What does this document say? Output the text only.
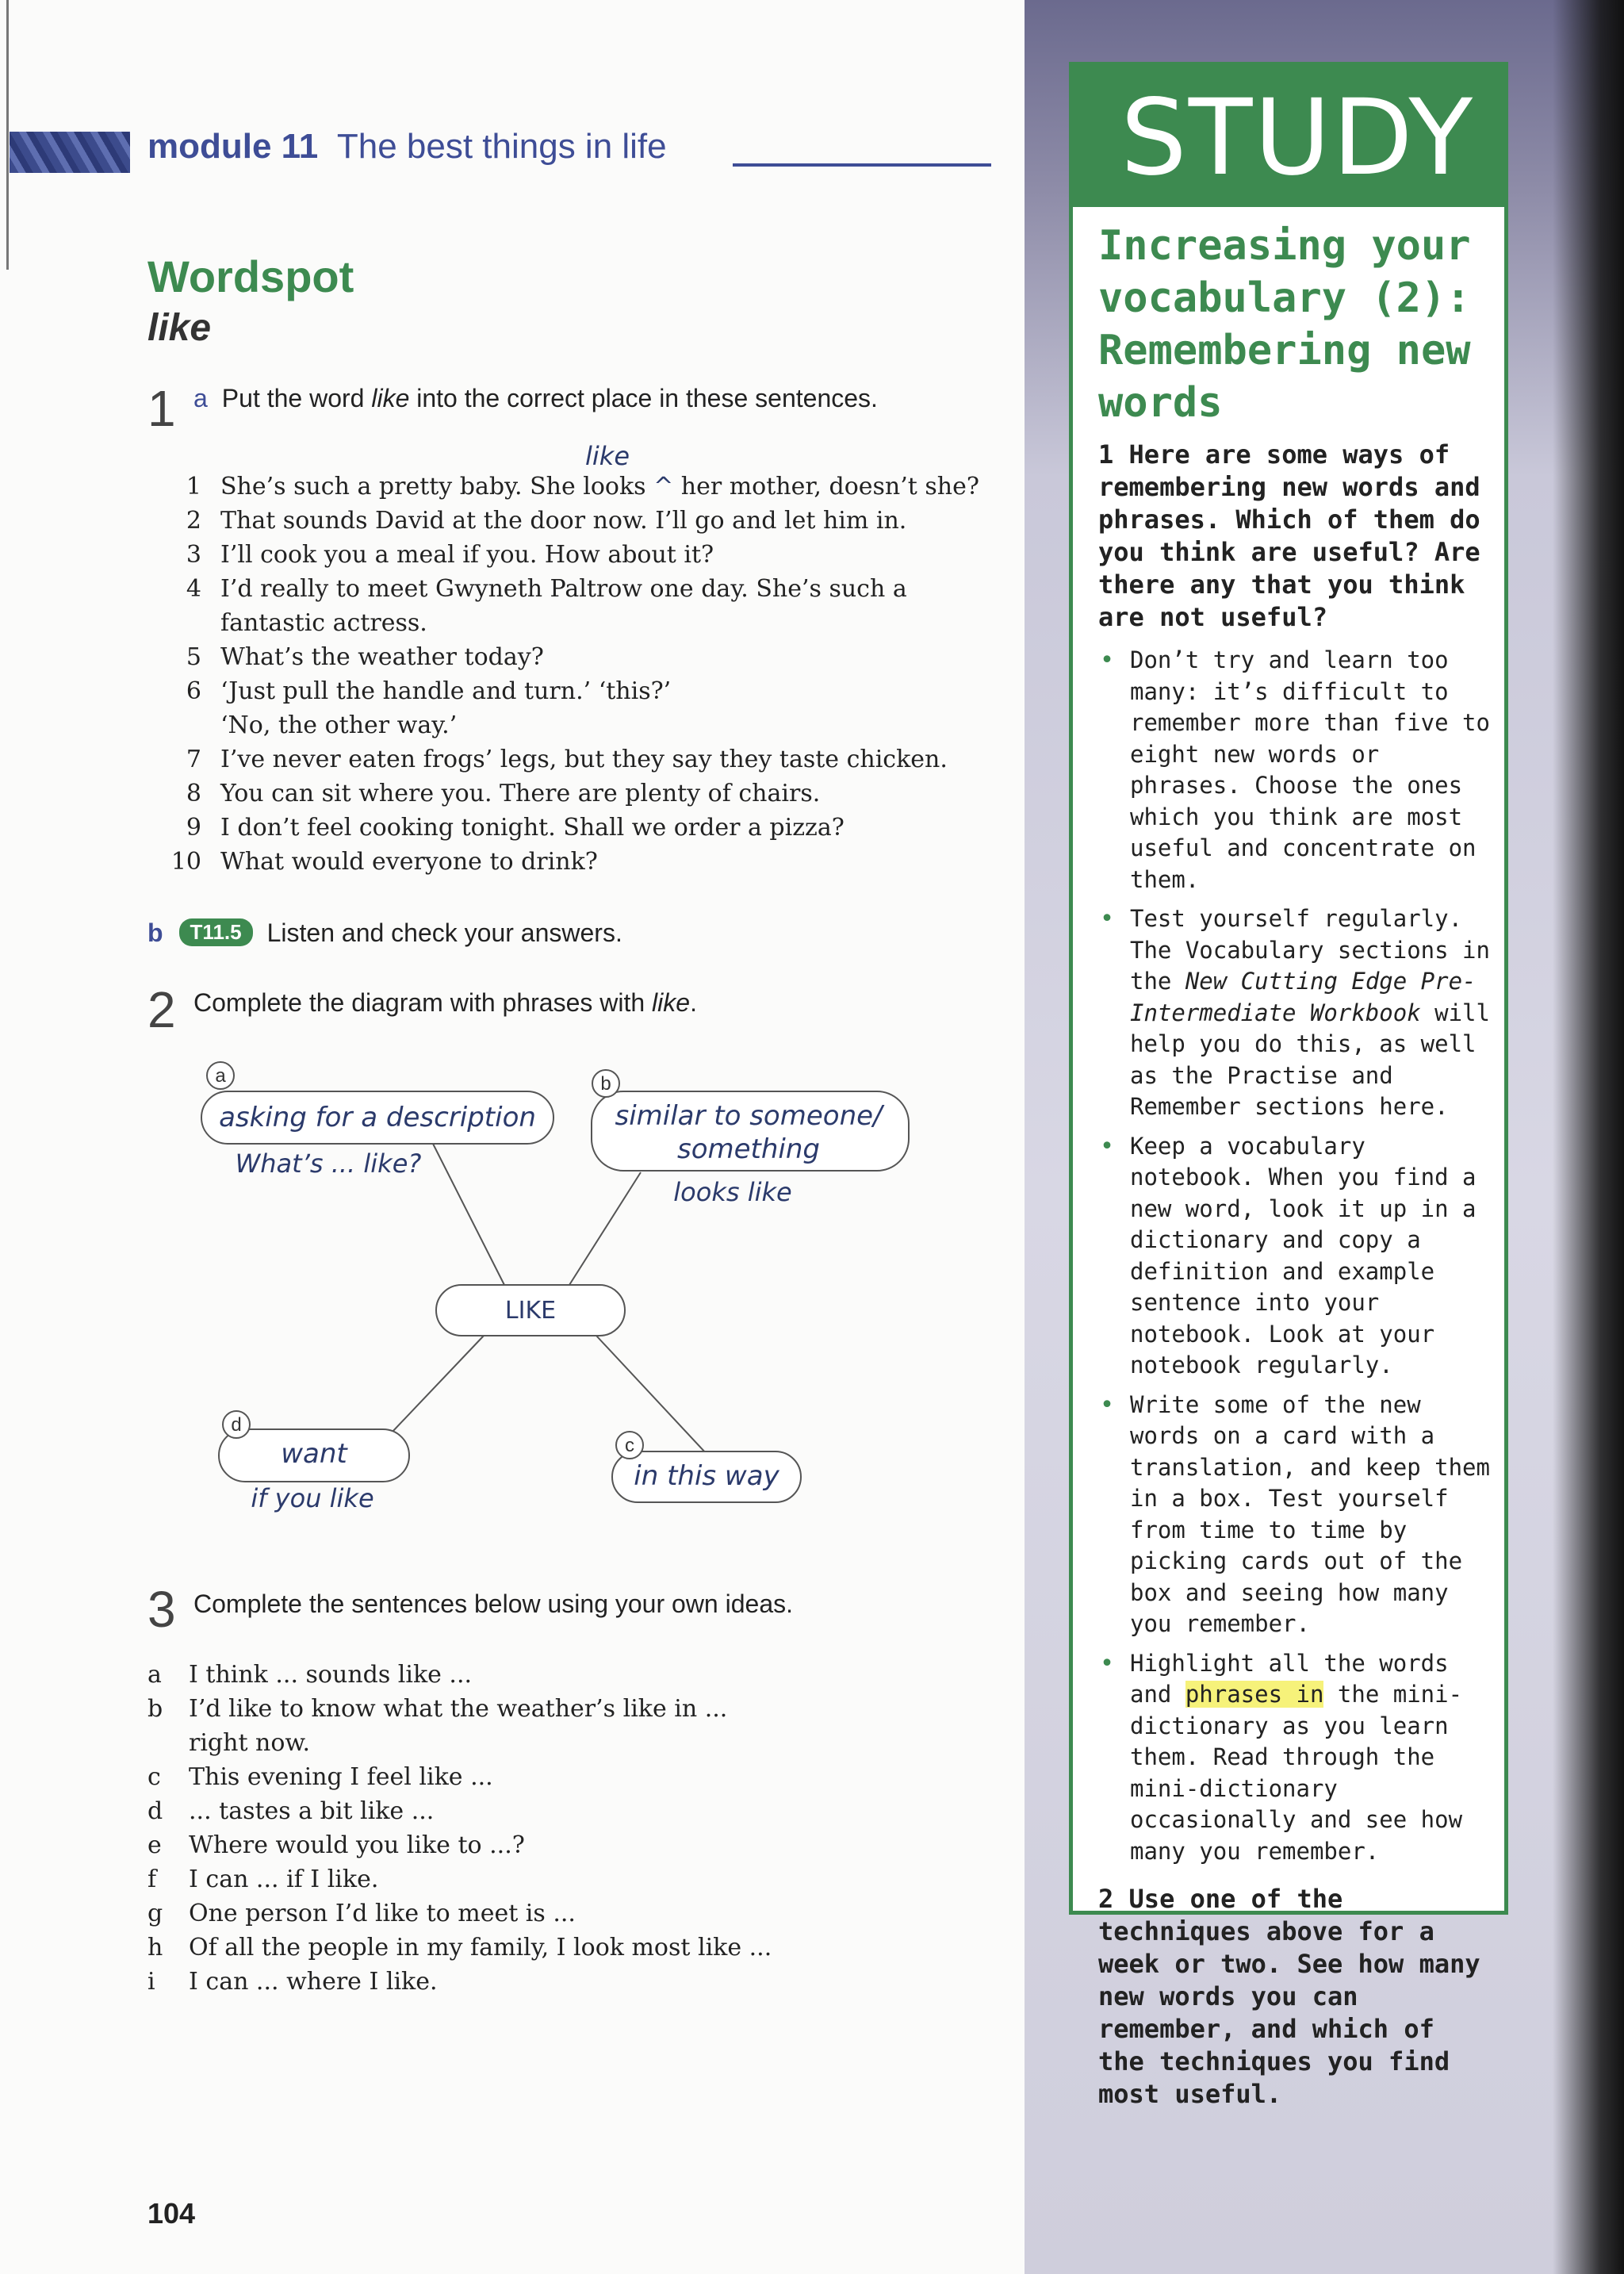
module 11 The best things in life
Wordspot
like
1 a Put the word like into the correct place in these sentences.
like
1 She’s such a pretty baby. She looks ^ her mother, doesn’t she?
2 That sounds David at the door now. I’ll go and let him in.
3 I’ll cook you a meal if you. How about it?
4 I’d really to meet Gwyneth Paltrow one day. She’s such a fantastic actress.
5 What’s the weather today?
6 ‘Just pull the handle and turn.’ ‘this?’
‘No, the other way.’
7 I’ve never eaten frogs’ legs, but they say they taste chicken.
8 You can sit where you. There are plenty of chairs.
9 I don’t feel cooking tonight. Shall we order a pizza?
10 What would everyone to drink?
b T11.5 Listen and check your answers.
2 Complete the diagram with phrases with like.
a	b
c
d
LIKE
asking for a description
What’s ... like?
similar to someone/
something
looks like
in this way
want
if you like
3 Complete the sentences below using your own ideas.
a	I think ... sounds like ...
b	I’d like to know what the weather’s like in ...
right now.
c	This evening I feel like ...
d	... tastes a bit like ...
e	Where would you like to ...?
f	I can ... if I like.
g	One person I’d like to meet is ...
h	Of all the people in my family, I look most like ...
i	I can ... where I like.
104
STUDY
Increasing your vocabulary (2): Remembering new words

1 Here are some ways of remembering new words and phrases. Which of them do you think are useful? Are there any that you think are not useful?

• Don’t try and learn too many: it’s difficult to remember more than five to eight new words or phrases. Choose the ones which you think are most useful and concentrate on them.
• Test yourself regularly. The Vocabulary sections in the New Cutting Edge Pre-Intermediate Workbook will help you do this, as well as the Practise and Remember sections here.
• Keep a vocabulary notebook. When you find a new word, look it up in a dictionary and copy a definition and example sentence into your notebook. Look at your notebook regularly.
• Write some of the new words on a card with a translation, and keep them in a box. Test yourself from time to time by picking cards out of the box and seeing how many you remember.
• Highlight all the words and phrases in the mini-dictionary as you learn them. Read through the mini-dictionary occasionally and see how many you remember.

2 Use one of the techniques above for a week or two. See how many new words you can remember, and which of the techniques you find most useful.
